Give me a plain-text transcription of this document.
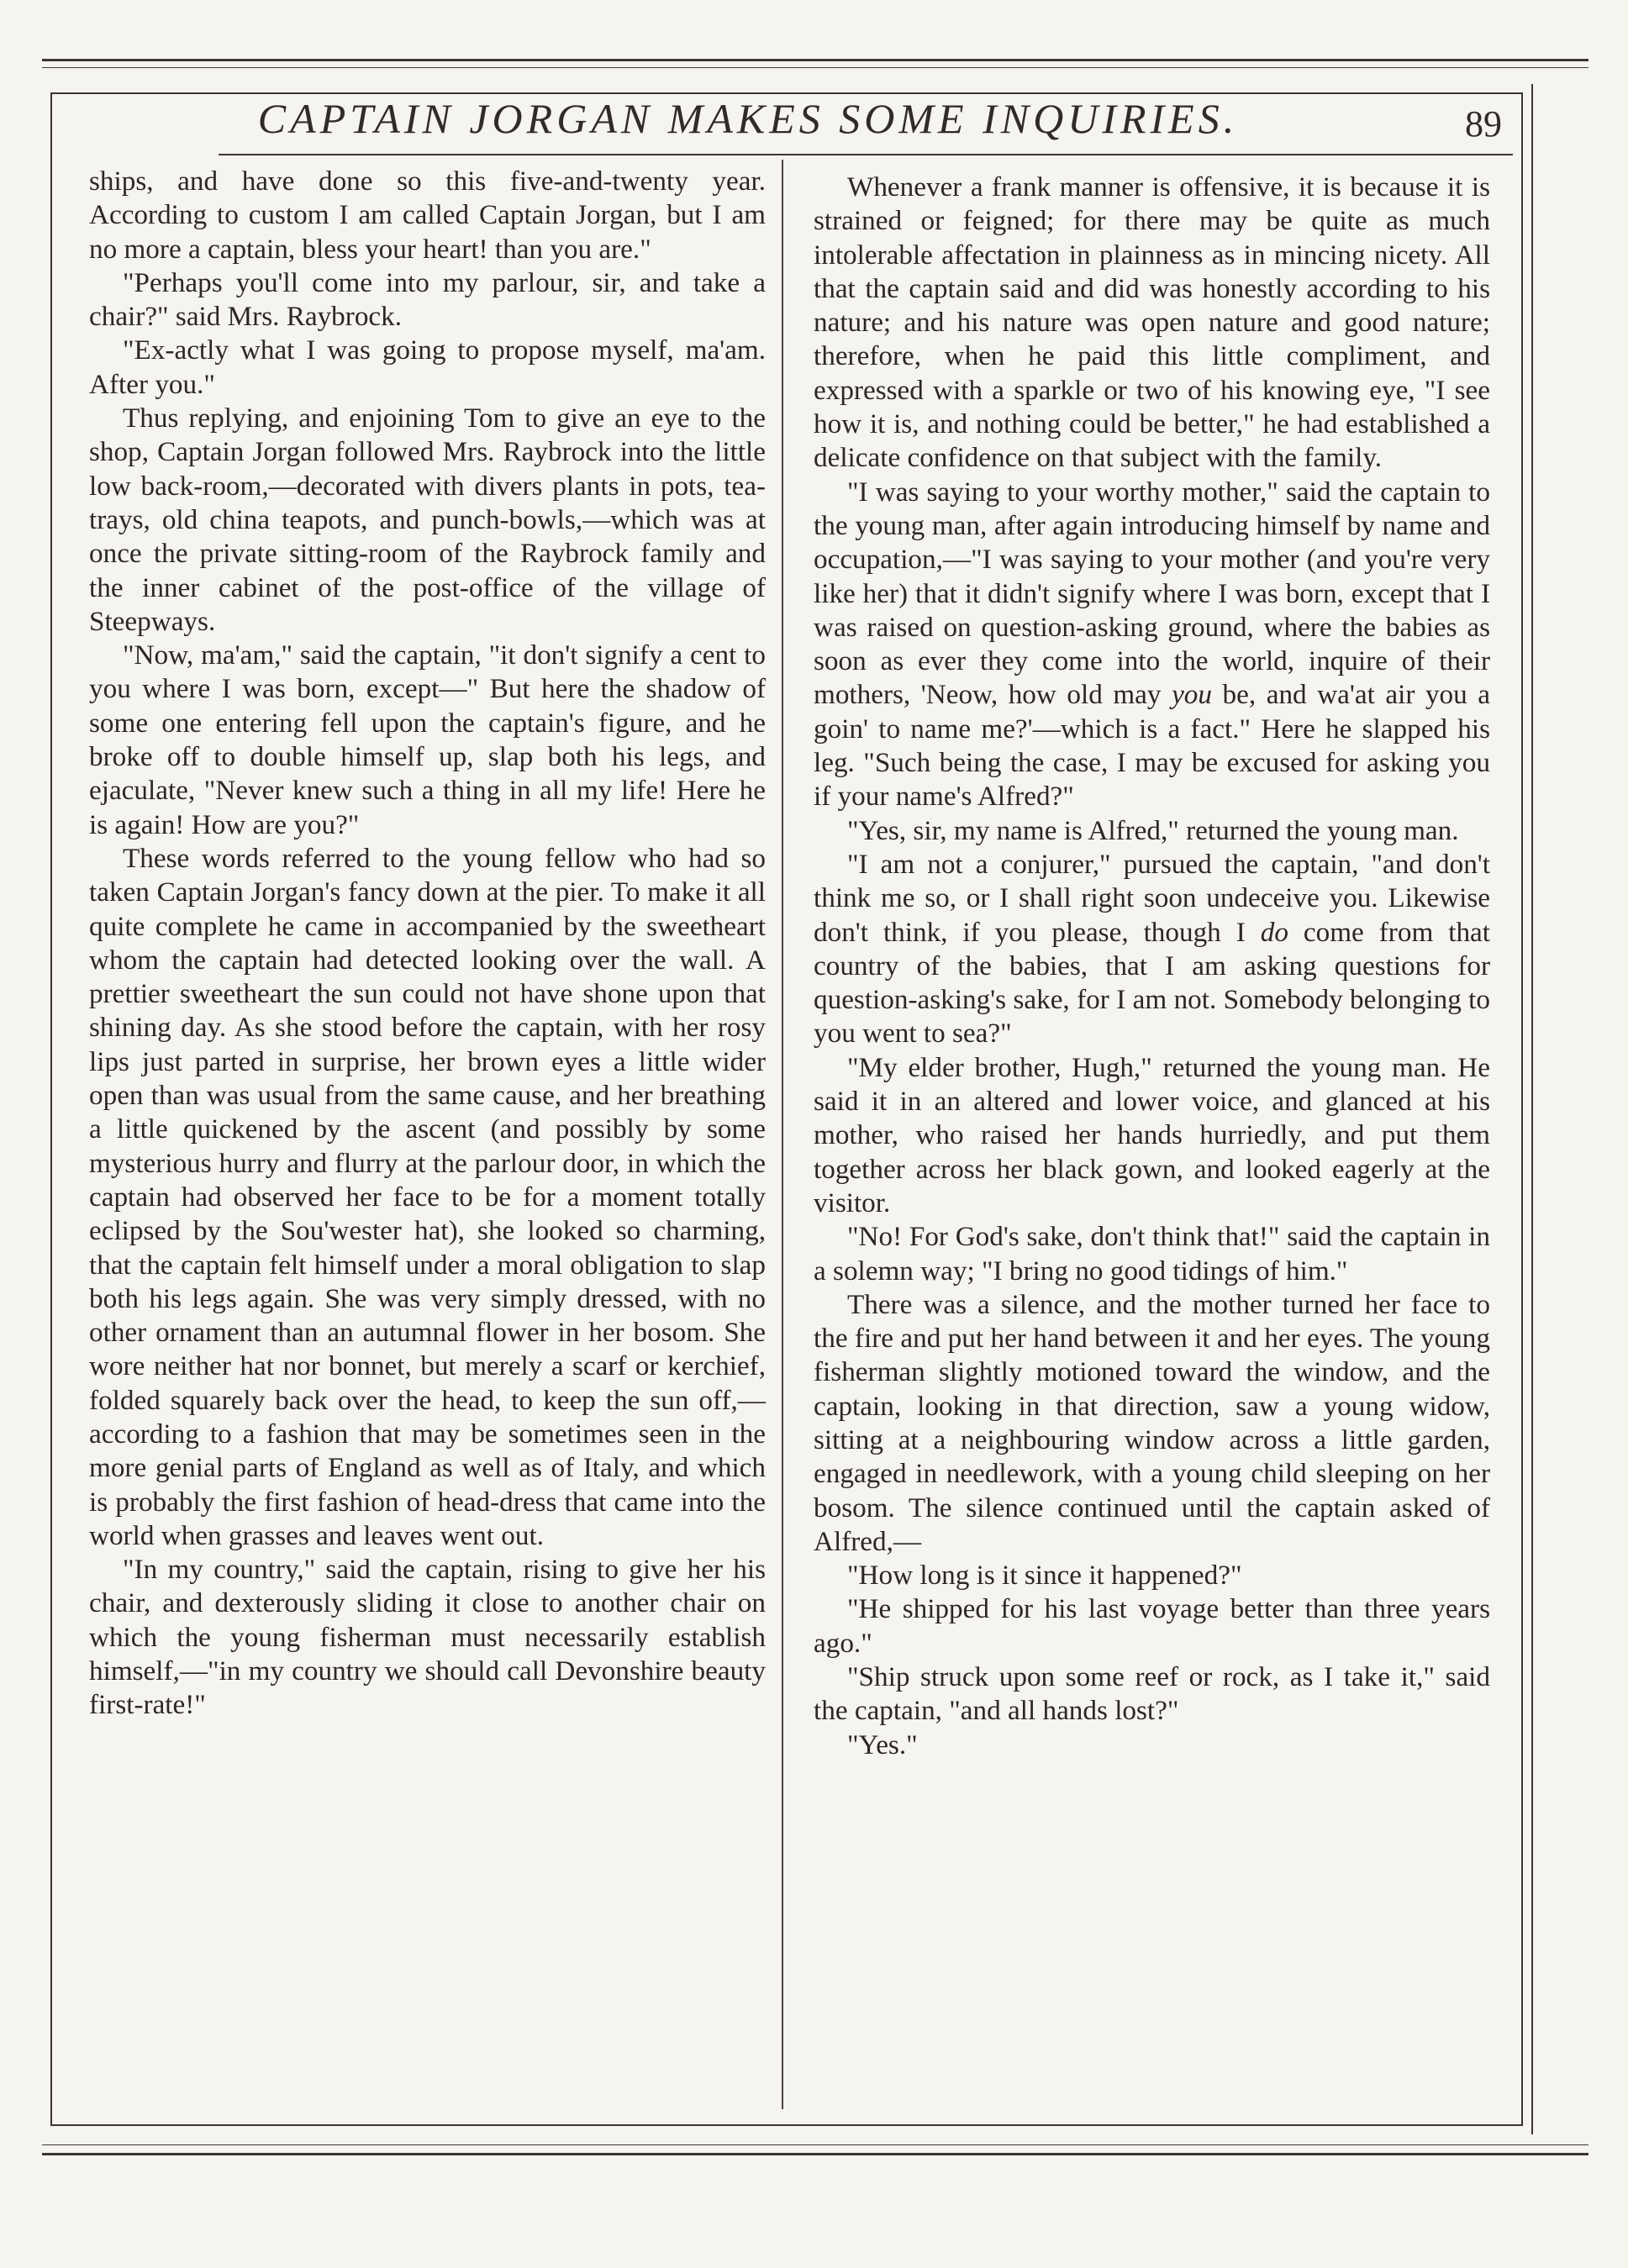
CAPTAIN JORGAN MAKES SOME INQUIRIES.	89

ships, and have done so this five-and-twenty year. According to custom I am called Captain Jorgan, but I am no more a captain, bless your heart! than you are."

"Perhaps you'll come into my parlour, sir, and take a chair?" said Mrs. Raybrock.

"Ex-actly what I was going to propose myself, ma'am. After you."

Thus replying, and enjoining Tom to give an eye to the shop, Captain Jorgan followed Mrs. Raybrock into the little low back-room,—decorated with divers plants in pots, tea-trays, old china teapots, and punch-bowls,—which was at once the private sitting-room of the Raybrock family and the inner cabinet of the post-office of the village of Steepways.

"Now, ma'am," said the captain, "it don't signify a cent to you where I was born, except—" But here the shadow of some one entering fell upon the captain's figure, and he broke off to double himself up, slap both his legs, and ejaculate, "Never knew such a thing in all my life! Here he is again! How are you?"

These words referred to the young fellow who had so taken Captain Jorgan's fancy down at the pier. To make it all quite complete he came in accompanied by the sweetheart whom the captain had detected looking over the wall. A prettier sweetheart the sun could not have shone upon that shining day. As she stood before the captain, with her rosy lips just parted in surprise, her brown eyes a little wider open than was usual from the same cause, and her breathing a little quickened by the ascent (and possibly by some mysterious hurry and flurry at the parlour door, in which the captain had observed her face to be for a moment totally eclipsed by the Sou'wester hat), she looked so charming, that the captain felt himself under a moral obligation to slap both his legs again. She was very simply dressed, with no other ornament than an autumnal flower in her bosom. She wore neither hat nor bonnet, but merely a scarf or kerchief, folded squarely back over the head, to keep the sun off,—according to a fashion that may be sometimes seen in the more genial parts of England as well as of Italy, and which is probably the first fashion of head-dress that came into the world when grasses and leaves went out.

"In my country," said the captain, rising to give her his chair, and dexterously sliding it close to another chair on which the young fisherman must necessarily establish himself,—"in my country we should call Devonshire beauty first-rate!"

Whenever a frank manner is offensive, it is because it is strained or feigned; for there may be quite as much intolerable affectation in plainness as in mincing nicety. All that the captain said and did was honestly according to his nature; and his nature was open nature and good nature; therefore, when he paid this little compliment, and expressed with a sparkle or two of his knowing eye, "I see how it is, and nothing could be better," he had established a delicate confidence on that subject with the family.

"I was saying to your worthy mother," said the captain to the young man, after again introducing himself by name and occupation,—"I was saying to your mother (and you're very like her) that it didn't signify where I was born, except that I was raised on question-asking ground, where the babies as soon as ever they come into the world, inquire of their mothers, 'Neow, how old may you be, and wa'at air you a goin' to name me?'—which is a fact." Here he slapped his leg. "Such being the case, I may be excused for asking you if your name's Alfred?"

"Yes, sir, my name is Alfred," returned the young man.

"I am not a conjurer," pursued the captain, "and don't think me so, or I shall right soon undeceive you. Likewise don't think, if you please, though I do come from that country of the babies, that I am asking questions for question-asking's sake, for I am not. Somebody belonging to you went to sea?"

"My elder brother, Hugh," returned the young man. He said it in an altered and lower voice, and glanced at his mother, who raised her hands hurriedly, and put them together across her black gown, and looked eagerly at the visitor.

"No! For God's sake, don't think that!" said the captain in a solemn way; "I bring no good tidings of him."

There was a silence, and the mother turned her face to the fire and put her hand between it and her eyes. The young fisherman slightly motioned toward the window, and the captain, looking in that direction, saw a young widow, sitting at a neighbouring window across a little garden, engaged in needlework, with a young child sleeping on her bosom. The silence continued until the captain asked of Alfred,—

"How long is it since it happened?"

"He shipped for his last voyage better than three years ago."

"Ship struck upon some reef or rock, as I take it," said the captain, "and all hands lost?"

"Yes."
